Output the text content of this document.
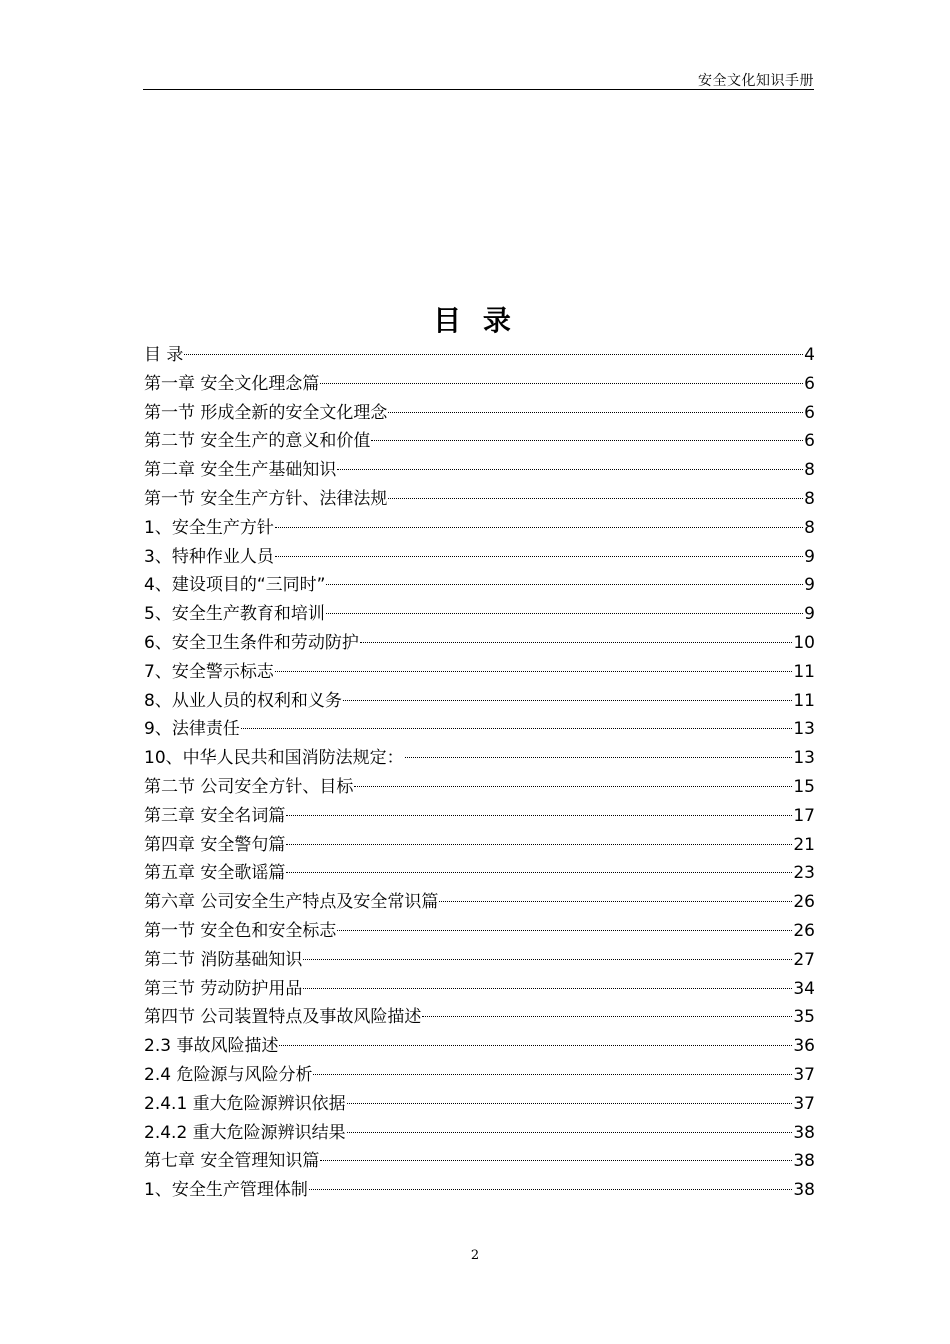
安全文化知识手册
目 录
目 录	4
第一章 安全文化理念篇	6
第一节 形成全新的安全文化理念	6
第二节 安全生产的意义和价值	6
第二章 安全生产基础知识	8
第一节 安全生产方针、法律法规	8
1、安全生产方针	8
3、特种作业人员	9
4、建设项目的“三同时”	9
5、安全生产教育和培训	9
6、安全卫生条件和劳动防护	10
7、安全警示标志	11
8、从业人员的权利和义务	11
9、法律责任	13
10、中华人民共和国消防法规定：	13
第二节 公司安全方针、目标	15
第三章 安全名词篇	17
第四章 安全警句篇	21
第五章 安全歌谣篇	23
第六章 公司安全生产特点及安全常识篇	26
第一节 安全色和安全标志	26
第二节 消防基础知识	27
第三节 劳动防护用品	34
第四节 公司装置特点及事故风险描述	35
2.3 事故风险描述	36
2.4 危险源与风险分析	37
2.4.1 重大危险源辨识依据	37
2.4.2 重大危险源辨识结果	38
第七章 安全管理知识篇	38
1、安全生产管理体制	38
2
